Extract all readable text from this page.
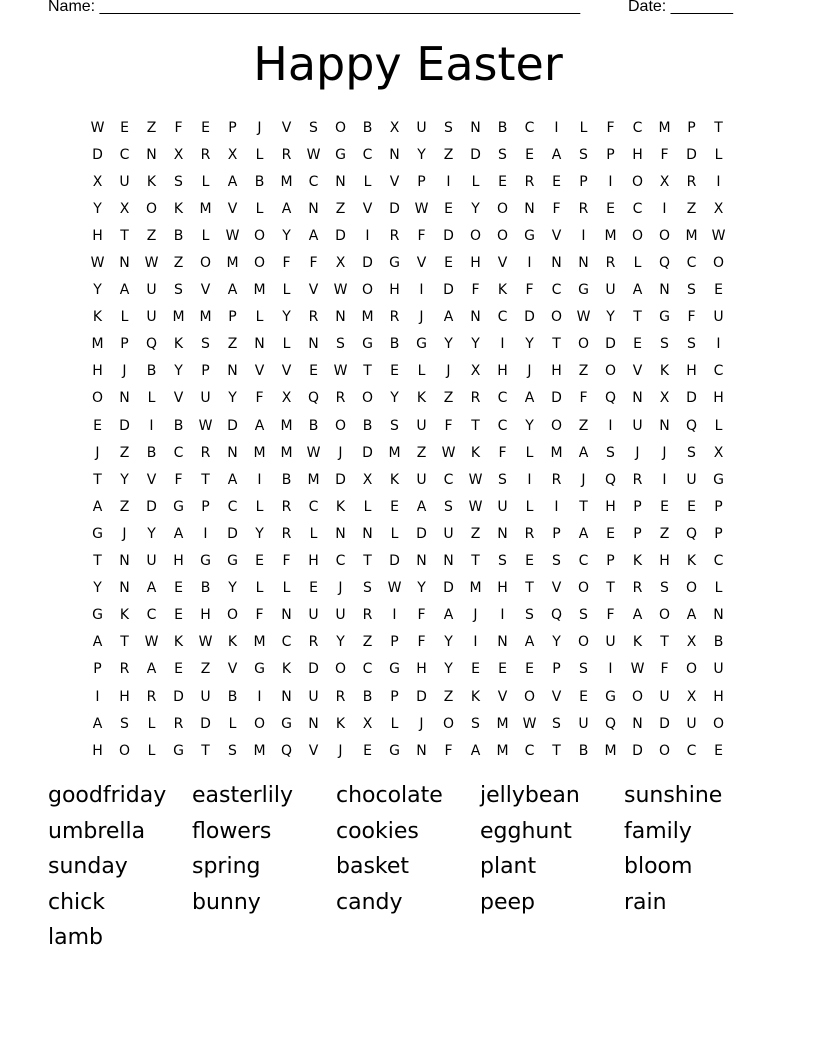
Name: ______________________________________________________	Date: _______
Happy Easter
W	E	Z	F	E	P	J	V	S	O	B	X	U	S	N	B	C	I	L	F	C	M	P	T
D	C	N	X	R	X	L	R	W	G	C	N	Y	Z	D	S	E	A	S	P	H	F	D	L
X	U	K	S	L	A	B	M	C	N	L	V	P	I	L	E	R	E	P	I	O	X	R	I
Y	X	O	K	M	V	L	A	N	Z	V	D	W	E	Y	O	N	F	R	E	C	I	Z	X
H	T	Z	B	L	W	O	Y	A	D	I	R	F	D	O	O	G	V	I	M	O	O	M	W
W	N	W	Z	O	M	O	F	F	X	D	G	V	E	H	V	I	N	N	R	L	Q	C	O
Y	A	U	S	V	A	M	L	V	W	O	H	I	D	F	K	F	C	G	U	A	N	S	E
K	L	U	M	M	P	L	Y	R	N	M	R	J	A	N	C	D	O	W	Y	T	G	F	U
M	P	Q	K	S	Z	N	L	N	S	G	B	G	Y	Y	I	Y	T	O	D	E	S	S	I
H	J	B	Y	P	N	V	V	E	W	T	E	L	J	X	H	J	H	Z	O	V	K	H	C
O	N	L	V	U	Y	F	X	Q	R	O	Y	K	Z	R	C	A	D	F	Q	N	X	D	H
E	D	I	B	W	D	A	M	B	O	B	S	U	F	T	C	Y	O	Z	I	U	N	Q	L
J	Z	B	C	R	N	M	M	W	J	D	M	Z	W	K	F	L	M	A	S	J	J	S	X
T	Y	V	F	T	A	I	B	M	D	X	K	U	C	W	S	I	R	J	Q	R	I	U	G
A	Z	D	G	P	C	L	R	C	K	L	E	A	S	W	U	L	I	T	H	P	E	E	P
G	J	Y	A	I	D	Y	R	L	N	N	L	D	U	Z	N	R	P	A	E	P	Z	Q	P
T	N	U	H	G	G	E	F	H	C	T	D	N	N	T	S	E	S	C	P	K	H	K	C
Y	N	A	E	B	Y	L	L	E	J	S	W	Y	D	M	H	T	V	O	T	R	S	O	L
G	K	C	E	H	O	F	N	U	U	R	I	F	A	J	I	S	Q	S	F	A	O	A	N
A	T	W	K	W	K	M	C	R	Y	Z	P	F	Y	I	N	A	Y	O	U	K	T	X	B
P	R	A	E	Z	V	G	K	D	O	C	G	H	Y	E	E	E	P	S	I	W	F	O	U
I	H	R	D	U	B	I	N	U	R	B	P	D	Z	K	V	O	V	E	G	O	U	X	H
A	S	L	R	D	L	O	G	N	K	X	L	J	O	S	M	W	S	U	Q	N	D	U	O
H	O	L	G	T	S	M	Q	V	J	E	G	N	F	A	M	C	T	B	M	D	O	C	E
goodfriday	easterlily	chocolate	jellybean	sunshine
umbrella	flowers	cookies	egghunt	family
sunday	spring	basket	plant	bloom
chick	bunny	candy	peep	rain
lamb
